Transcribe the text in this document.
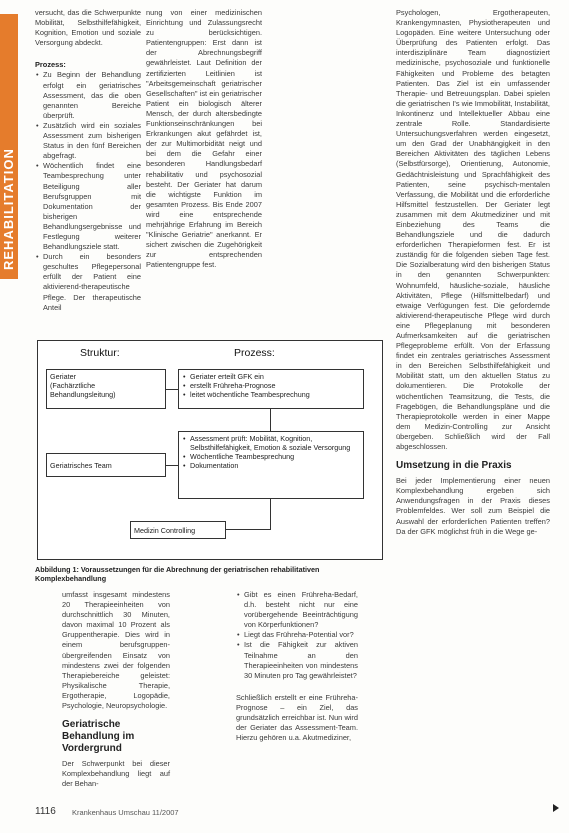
REHABILITATION

versucht, das die Schwerpunkte Mobilität, Selbsthilfefähigkeit, Kognition, Emotion und soziale Versorgung abdeckt.

Prozess:

• Zu Beginn der Behandlung erfolgt ein geriatrisches Assessment, das die oben genannten Bereiche überprüft.
• Zusätzlich wird ein soziales Assessment zum bisherigen Status in den fünf Bereichen abgefragt.
• Wöchentlich findet eine Teambesprechung unter Beteiligung aller Berufsgruppen mit Dokumentation der bisherigen Behandlungsergebnisse und Festlegung weiterer Behandlungsziele statt.
• Durch ein besonders geschultes Pflegepersonal erfüllt der Patient eine aktivierend-therapeutische Pflege. Der therapeutische Anteil

nung von einer medizinischen Einrichtung und Zulassungsrecht zu berücksichtigen. Patientengruppen: Erst dann ist der Abrechnungsbegriff gewährleistet. Laut Definition der zertifizierten Leitlinien ist "Arbeitsgemeinschaft geriatrischer Gesellschaften" ist ein geriatrischer Patient ein biologisch älterer Mensch, der durch altersbedingte Funktionseinschränkungen bei Erkrankungen akut gefährdet ist, der zur Multimorbidität neigt und bei dem die Gefahr einer besonderen Handlungsbedarf rehabilitativ und psychosozial besteht. Der Geriater hat darum die wichtigste Funktion im gesamten Prozess. Bis Ende 2007 wird eine entsprechende mehrjährige Erfahrung im Bereich "Klinische Geriatrie" anerkannt. Er sichert zwischen die Zugehörigkeit zur entsprechenden Patientengruppe fest.

Psychologen, Ergotherapeuten, Krankengymnasten, Physiotherapeuten und Logopäden. Eine weitere Untersuchung oder Überprüfung des Patienten erfolgt. Das interdisziplinäre Team diagnostiziert medizinische, psychosoziale und funktionelle Fähigkeiten und Probleme des betagten Patienten. Das Ziel ist ein umfassender Therapie- und Betreuungsplan. Dabei spielen die geriatrischen I's wie Immobilität, Instabilität, Inkontinenz und Intellektueller Abbau eine zentrale Rolle. Standardisierte Untersuchungsverfahren werden eingesetzt, um den Grad der Unabhängigkeit in den Bereichen Aktivitäten des täglichen Lebens (Selbstfürsorge), Orientierung, Autonomie, Gedächtnisleistung und Sprachfähigkeit des Patienten, seine psychisch-mentalen Verfassung, die Mobilität und die erforderliche Hilfsmittel festzustellen. Der Geriater legt zusammen mit dem Akutmediziner und mit Einbeziehung des Teams die Behandlungsziele und die dadurch erforderlichen Therapieformen fest. Er ist zuständig für die folgenden sieben Tage fest. Die Sozialberatung wird den bisherigen Status in den genannten Schwerpunkten: Wohnumfeld, häusliche-soziale, häusliche Aktivitäten, Pflege (Hilfsmittelbedarf) und etwaige Verfügungen fest. Die gefordernde aktivierend-therapeutische Pflege wird durch eine Pflegeplanung mit besonderen Aufmerksamkeiten auf die geriatrischen Pflegeprobleme erfüllt. Von der Erfassung findet ein zentrales geriatrisches Assessment in den Bereichen Selbsthilfefähigkeit und Mobilität statt, um den aktuellen Status zu dokumentieren. Die Protokolle der wöchentlichen Teamsitzung, die Tests, die Fragebögen, die Behandlungspläne und die Therapieprotokolle werden in einer Mappe dem Medizin-Controlling zur Ansicht übergeben. Schließlich wird der Fall abgeschlossen.

Umsetzung in die Praxis

Bei jeder Implementierung einer neuen Komplexbehandlung ergeben sich Anwendungsfragen in der Praxis dieses Problemfeldes. Wer soll zum Beispiel die Auswahl der erforderlichen Patienten treffen? Da der GFK möglichst früh in die Wege ge-

Struktur:	Prozess:
Geriater
(Fachärztliche
Behandlungsleitung)
• Geriater erteilt GFK ein
• erstellt Frühreha-Prognose
• leitet wöchentliche Teambesprechung
Geriatrisches Team
• Assessment prüft: Mobilität, Kognition, Selbsthilfefähigkeit, Emotion & soziale Versorgung
• Wöchentliche Teambesprechung
• Dokumentation
Medizin Controlling
Abbildung 1: Voraussetzungen für die Abrechnung der geriatrischen rehabilitativen Komplexbehandlung

umfasst insgesamt mindestens 20 Therapieeinheiten von durchschnittlich 30 Minuten, davon maximal 10 Prozent als Gruppentherapie. Dies wird in einem berufsgruppen-übergreifenden Einsatz von mindestens zwei der folgenden Therapiebereiche geleistet: Physikalische Therapie, Ergotherapie, Logopädie, Psychologie, Neuropsychologie.

Geriatrische Behandlung im Vordergrund

Der Schwerpunkt bei dieser Komplexbehandlung liegt auf der Behan-

• Gibt es einen Frühreha-Bedarf, d.h. besteht nicht nur eine vorübergehende Beeinträchtigung von Körperfunktionen?
• Liegt das Frühreha-Potential vor?
• Ist die Fähigkeit zur aktiven Teilnahme an den Therapieeinheiten von mindestens 30 Minuten pro Tag gewährleistet?

Schließlich erstellt er eine Frühreha-Prognose – ein Ziel, das grundsätzlich erreichbar ist. Nun wird der Geriater das Assessment-Team. Hierzu gehören u.a. Akutmediziner,

1116 Krankenhaus Umschau 11/2007
